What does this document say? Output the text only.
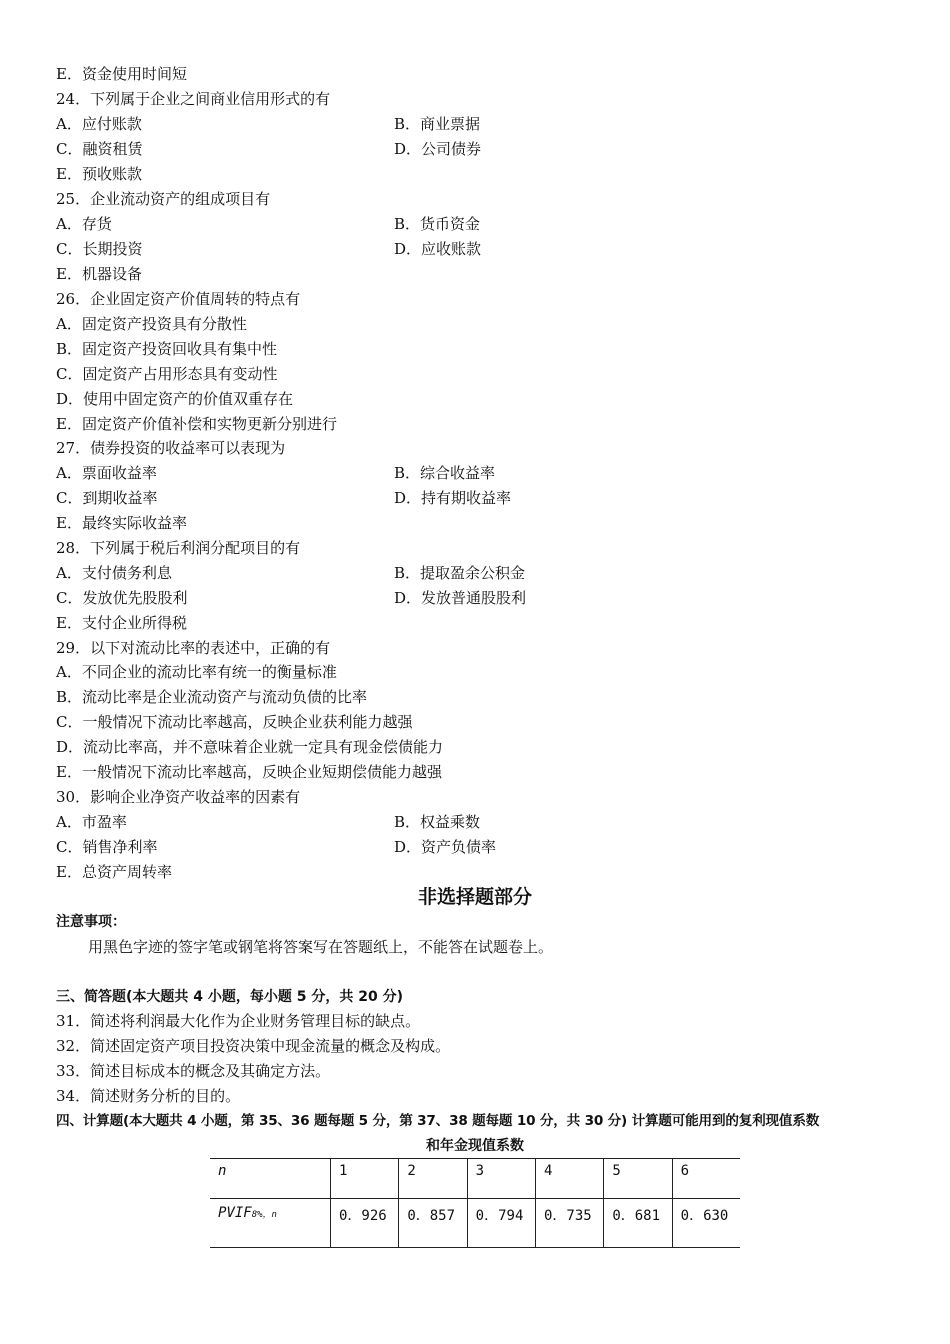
E．资金使用时间短
24．下列属于企业之间商业信用形式的有
A．应付账款	B．商业票据
C．融资租赁	D．公司债券
E．预收账款
25．企业流动资产的组成项目有
A．存货	B．货币资金
C．长期投资	D．应收账款
E．机器设备
26．企业固定资产价值周转的特点有
A．固定资产投资具有分散性
B．固定资产投资回收具有集中性
C．固定资产占用形态具有变动性
D．使用中固定资产的价值双重存在
E．固定资产价值补偿和实物更新分别进行
27．债券投资的收益率可以表现为
A．票面收益率	B．综合收益率
C．到期收益率	D．持有期收益率
E．最终实际收益率
28．下列属于税后利润分配项目的有
A．支付债务利息	B．提取盈余公积金
C．发放优先股股利	D．发放普通股股利
E．支付企业所得税
29．以下对流动比率的表述中，正确的有
A．不同企业的流动比率有统一的衡量标准
B．流动比率是企业流动资产与流动负债的比率
C．一般情况下流动比率越高，反映企业获利能力越强
D．流动比率高，并不意味着企业就一定具有现金偿债能力
E．一般情况下流动比率越高，反映企业短期偿债能力越强
30．影响企业净资产收益率的因素有
A．市盈率	B．权益乘数
C．销售净利率	D．资产负债率
E．总资产周转率
非选择题部分
注意事项：
用黑色字迹的签字笔或钢笔将答案写在答题纸上，不能答在试题卷上。
三、简答题(本大题共 4 小题，每小题 5 分，共 20 分)
31．简述将利润最大化作为企业财务管理目标的缺点。
32．简述固定资产项目投资决策中现金流量的概念及构成。
33．简述目标成本的概念及其确定方法。
34．简述财务分析的目的。
四、计算题(本大题共 4 小题，第 35、36 题每题 5 分，第 37、38 题每题 10 分，共 30 分) 计算题可能用到的复利现值系数
和年金现值系数
n	1	2	3	4	5	6
PVIF8%，n	0．926	0．857	0．794	0．735	0．681	0．630
